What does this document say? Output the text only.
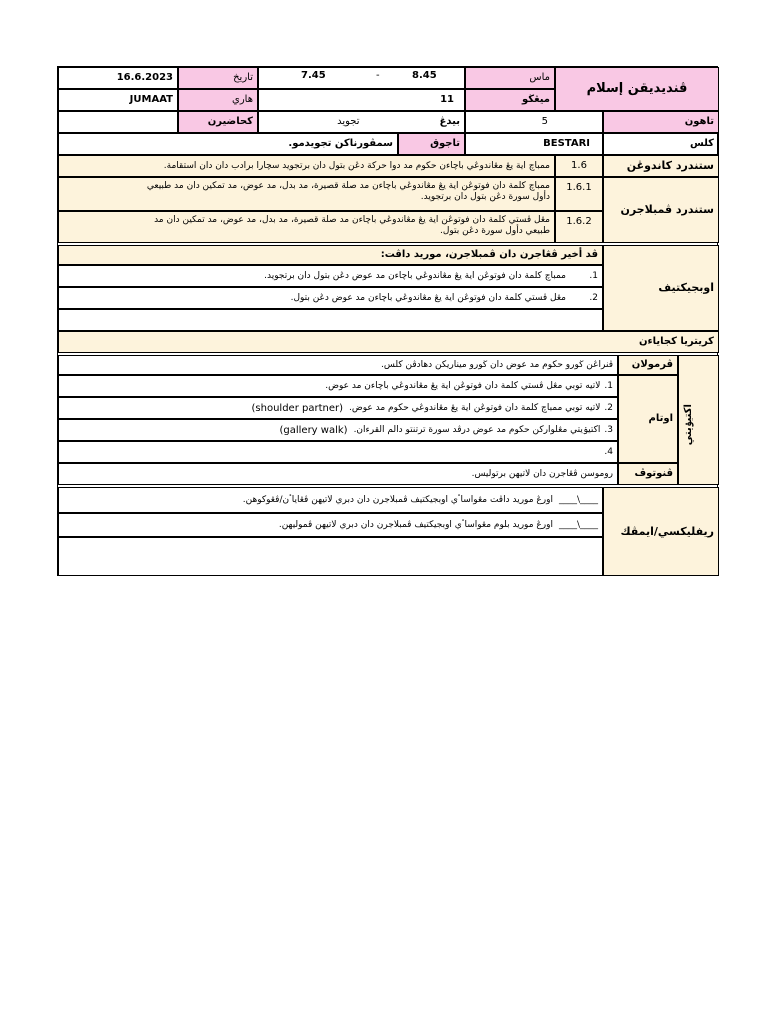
ڤنديديقن إسلام
ماس
7.45	-	8.45
تاريخ
16.6.2023
ميڠڬو
11
هاري
JUMAAT
تاهون
5
بيدڠ
تجويد
كحاضيرن
كلس
BESTARI
تاجوق
سمڤورناكن تجويدمو.
ستندرد كاندوڠن
1.6
ممباچ اية يڠ مڠاندوڠي باچاءن حكوم مد دوا حركة دڠن بتول دان برتجويد سچارا برادب دان دان استقامة.
ستندرد ڤمبلاجرن
1.6.1
ممباچ كلمة دان فوتوڠن اية يڠ مڠاندوڠي باچاءن مد صلة قصيرة، مد بدل، مد عوض، مد تمكين دان مد طبيعي
دأول سورة دڠن بتول دان برتجويد.
1.6.2
مڠل ڤستي كلمة دان فوتوڠن اية يڠ مڠاندوڠي باچاءن مد صلة قصيرة، مد بدل، مد عوض، مد تمكين دان مد
طبيعي دأول سورة دڠن بتول.
اوبجيكتيف
ڤد أخير ڤڠاجرن دان ڤمبلاجرن، موريد داڤت:
1.
ممباچ كلمة دان فوتوڠن اية يڠ مڠاندوڠي باچاءن مد عوض دڠن بتول دان برتجويد.
2.
مڠل ڤستي كلمة دان فوتوڠن اية يڠ مڠاندوڠي باچاءن مد عوض دڠن بتول.
كريتريا كجاياءن
اكتيۏيتي
ڤرمولان
ڤنراڠن ڬورو حكوم مد عوض دان ڬورو ميناريكن دهادڤن كلس.
اوتام
1.
لاتيه توبي مڠل ڤستي كلمة دان فوتوڠن اية يڠ مڠاندوڠي باچاءن مد عوض.
2.
لاتيه توبي ممباچ كلمة دان فوتوڠن اية يڠ مڠاندوڠي حكوم مد عوض.
(shoulder partner)
3.
اكتيۏيتي مڠلواركن حكوم مد عوض درڤد سورة ترتنتو دالم القرءان.
(gallery walk)
4.
ڤنوتوڤ
روموسن ڤڠاجرن دان لاتيهن برتوليس.
ريفليكسي/ايمڤك
____\____
اورڠ موريد داڤت مڠواساٴي اوبجيكتيف ڤمبلاجرن دان دبري لاتيهن ڤڠاياٴن/ڤڠوكوهن.
____\____
اورڠ موريد بلوم مڠواساٴي اوبجيكتيف ڤمبلاجرن دان دبري لاتيهن ڤموليهن.
